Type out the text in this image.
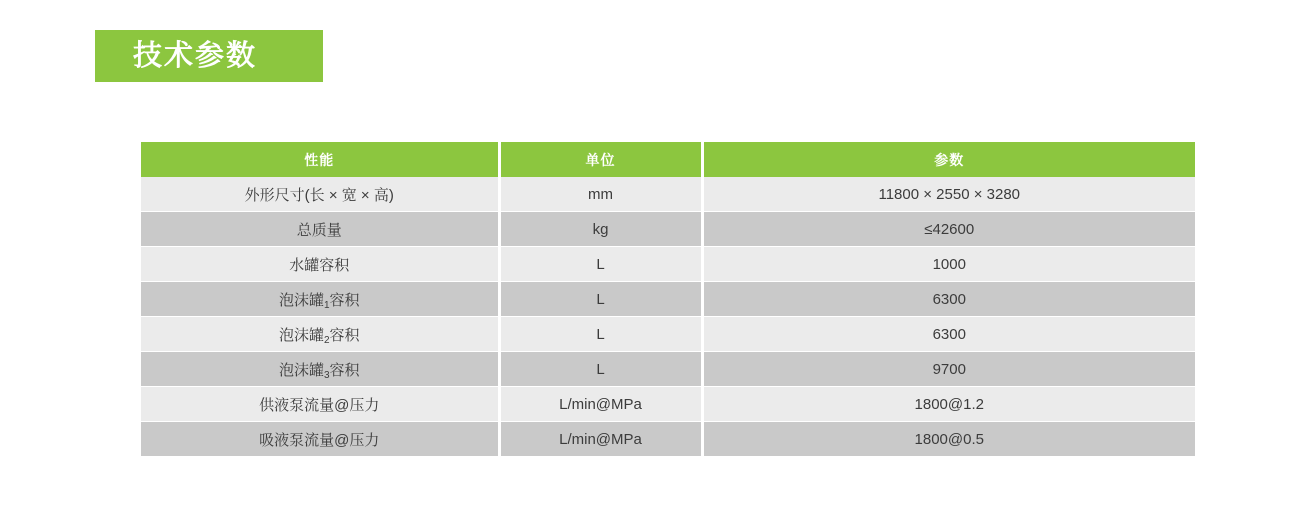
技术参数
性能	单位	参数
外形尺寸(长 × 宽 × 高)	mm	11800 × 2550 × 3280
总质量	kg	≤42600
水罐容积	L	1000
泡沫罐$_1$容积	L	6300
泡沫罐$_2$容积	L	6300
泡沫罐$_3$容积	L	9700
供液泵流量@压力	L/min@MPa	1800@1.2
吸液泵流量@压力	L/min@MPa	1800@0.5
